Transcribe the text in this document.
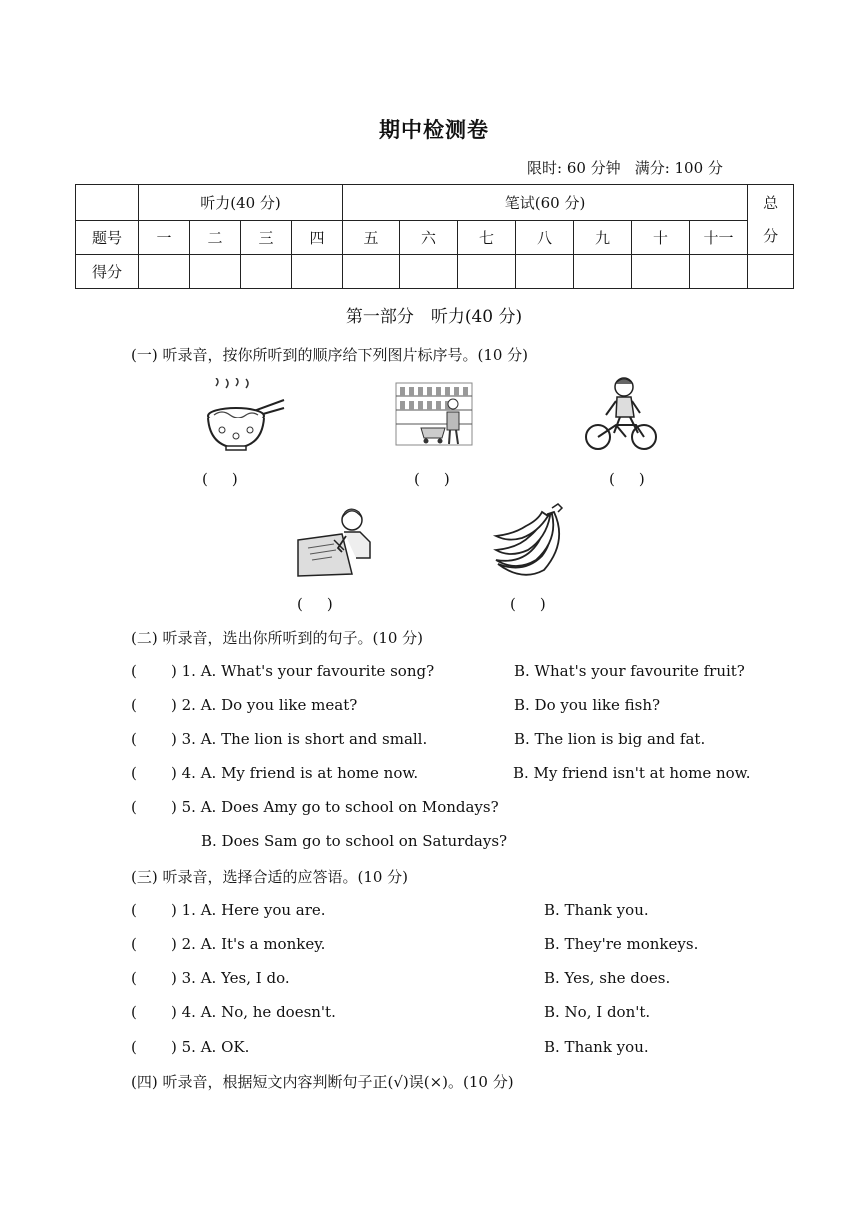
期中检测卷
限时: 60 分钟 满分: 100 分
	听力(40 分)				笔试(60 分)							总
分	
题号	一	二	三	四	五	六	七	八	九	十	十一		
得分													
第一部分　听力(40 分)
(一) 听录音，按你所听到的顺序给下列图片标序号。(10 分)
( )	( )	( )
( )	( )
(二) 听录音，选出你所听到的句子。(10 分)
( ) 1. A. What's your favourite song?	B. What's your favourite fruit?
( ) 2. A. Do you like meat?	B. Do you like fish?
( ) 3. A. The lion is short and small.	B. The lion is big and fat.
( ) 4. A. My friend is at home now.	B. My friend isn't at home now.
( ) 5. A. Does Amy go to school on Mondays?
B. Does Sam go to school on Saturdays?
(三) 听录音，选择合适的应答语。(10 分)
( ) 1. A. Here you are.	B. Thank you.
( ) 2. A. It's a monkey.	B. They're monkeys.
( ) 3. A. Yes, I do.	B. Yes, she does.
( ) 4. A. No, he doesn't.	B. No, I don't.
( ) 5. A. OK.	B. Thank you.
(四) 听录音，根据短文内容判断句子正(√)误(×)。(10 分)
